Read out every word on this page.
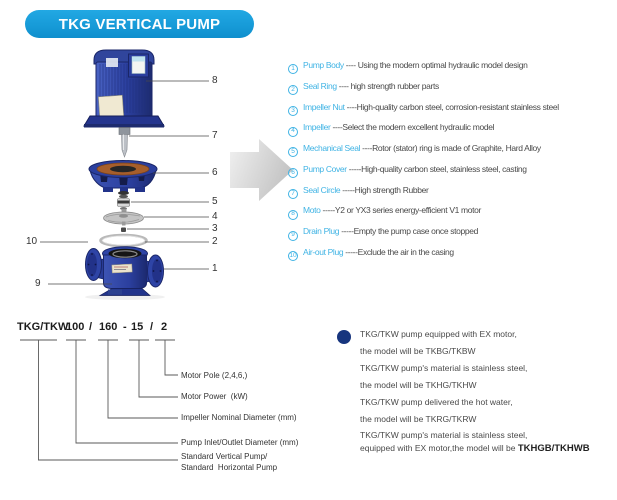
TKG VERTICAL PUMP
8
7
6
5
4
3
2
1
10
9
1 Pump Body ---- Using the modern optimal hydraulic model design
2 Seal Ring ---- high strength rubber parts
3 Impeller Nut ----High-quality carbon steel, corrosion-resistant stainless steel
4 Impeller ----Select the modern excellent hydraulic model
5 Mechanical Seal ----Rotor (stator) ring is made of Graphite, Hard Alloy
6 Pump Cover -----High-quality carbon steel, stainless steel, casting
7 Seal Circle -----High strength Rubber
8 Moto -----Y2 or YX3 series energy-efficient V1 motor
9 Drain Plug -----Empty the pump case once stopped
10 Air-out Plug -----Exclude the air in the casing
TKG/TKW
100 / 160 - 15 / 2
Motor Pole (2,4,6,)
Motor Power  (kW)
Impeller Nominal Diameter (mm)
Pump Inlet/Outlet Diameter (mm)
Standard Vertical Pump/
Standard  Horizontal Pump
TKG/TKW pump equipped with EX motor,
the model will be TKBG/TKBW
TKG/TKW pump's material is stainless steel,
the model will be TKHG/TKHW
TKG/TKW pump delivered the hot water,
the model will be TKRG/TKRW
TKG/TKW pump's material is stainless steel,
equipped with EX motor,the model will be TKHGB/TKHWB
